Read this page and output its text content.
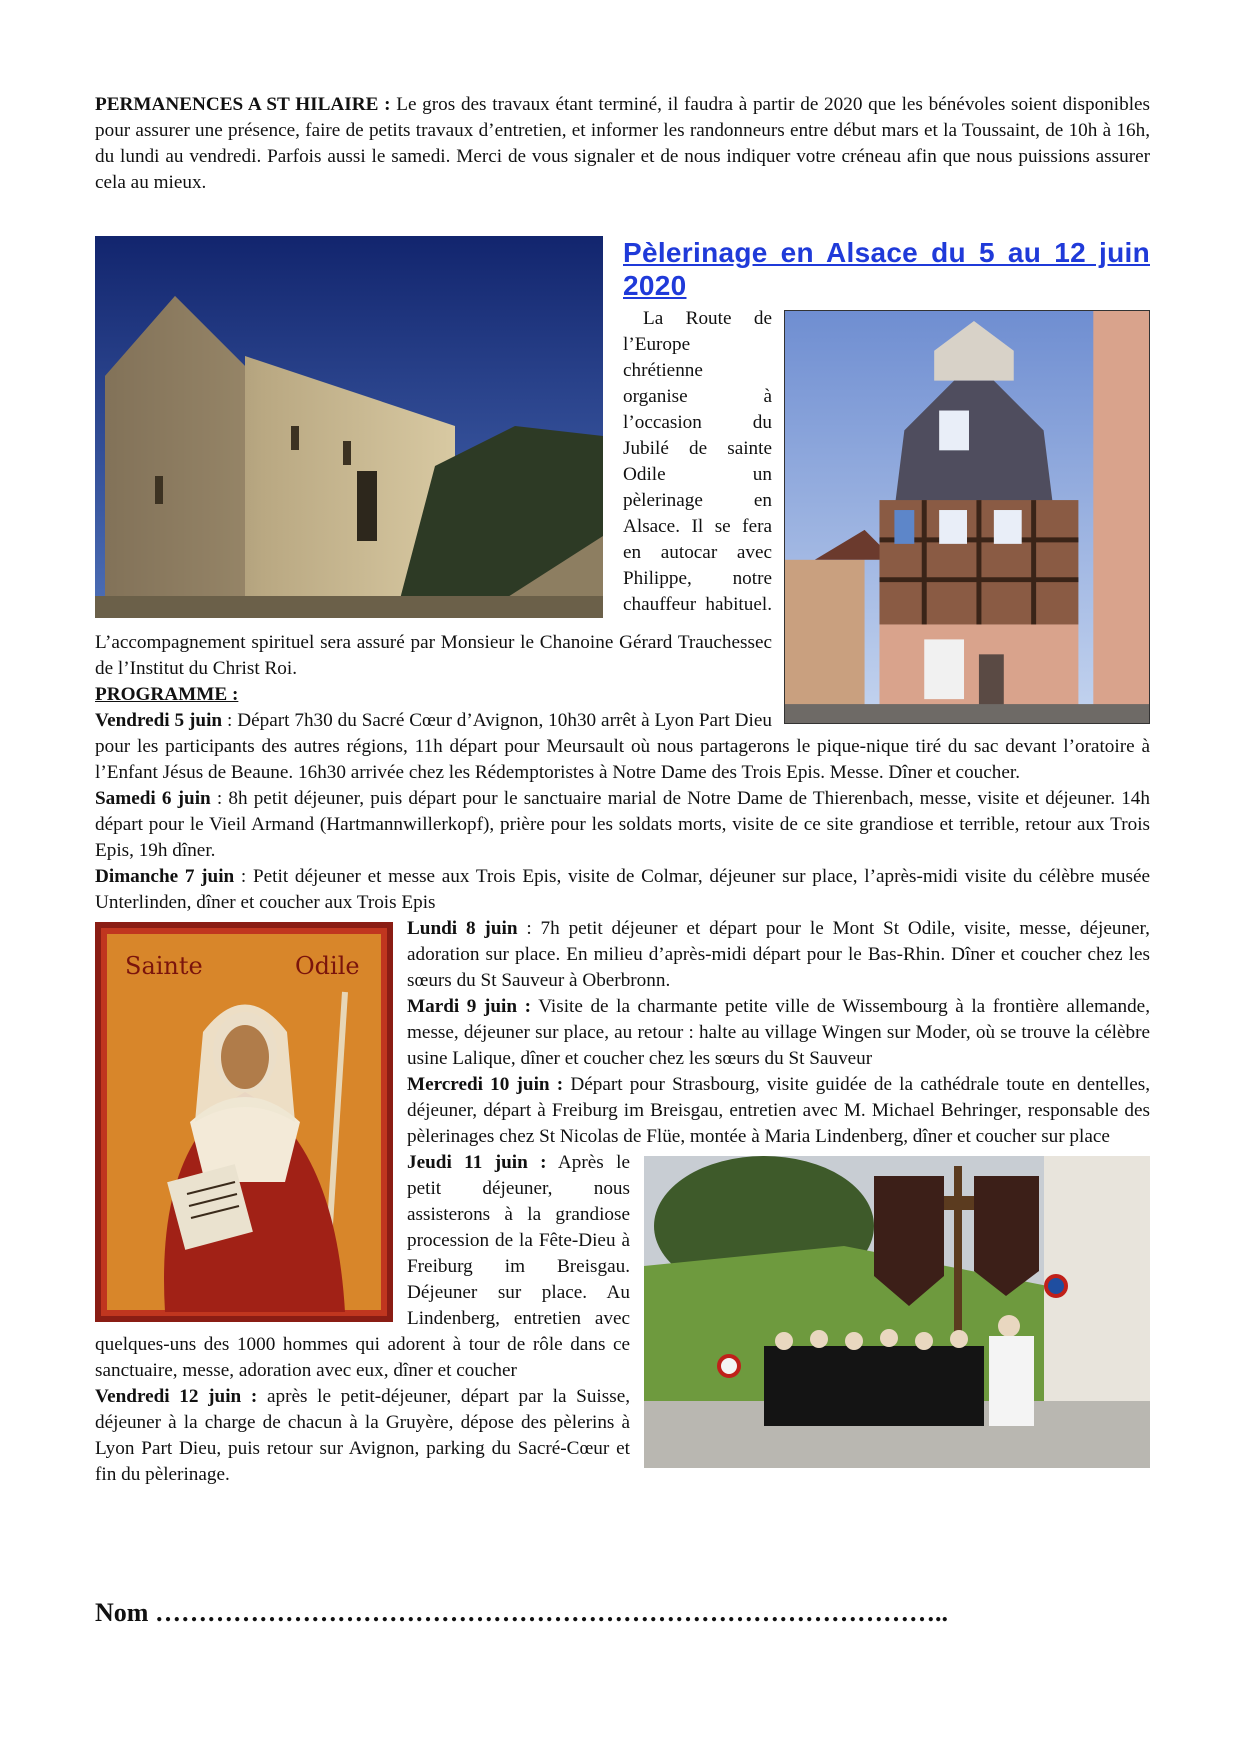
PERMANENCES A ST HILAIRE : Le gros des travaux étant terminé, il faudra à partir de 2020 que les bénévoles soient disponibles pour assurer une présence, faire de petits travaux d’entretien, et informer les randonneurs entre début mars et la Toussaint, de 10h à 16h, du lundi au vendredi. Parfois aussi le samedi. Merci de vous signaler et de nous indiquer votre créneau afin que nous puissions assurer cela au mieux.

Pèlerinage en Alsace du 5 au 12 juin 2020

La Route de l’Europe chrétienne organise à l’occasion du Jubilé de sainte Odile un pèlerinage en Alsace. Il se fera en autocar avec Philippe, notre chauffeur habituel. L’accompagnement spirituel sera assuré par Monsieur le Chanoine Gérard Trauchessec de l’Institut du Christ Roi.

PROGRAMME :

Vendredi 5 juin : Départ 7h30 du Sacré Cœur d’Avignon, 10h30 arrêt à Lyon Part Dieu pour les participants des autres régions, 11h départ pour Meursault où nous partagerons le pique-nique tiré du sac devant l’oratoire à l’Enfant Jésus de Beaune. 16h30 arrivée chez les Rédemptoristes à Notre Dame des Trois Epis. Messe. Dîner et coucher.

Samedi 6 juin : 8h petit déjeuner, puis départ pour le sanctuaire marial de Notre Dame de Thierenbach, messe, visite et déjeuner. 14h départ pour le Vieil Armand (Hartmannwillerkopf), prière pour les soldats morts, visite de ce site grandiose et terrible, retour aux Trois Epis, 19h dîner.

Dimanche 7 juin : Petit déjeuner et messe aux Trois Epis, visite de Colmar, déjeuner sur place, l’après-midi visite du célèbre musée Unterlinden, dîner et coucher aux Trois Epis

Sainte	Odile

Lundi 8 juin : 7h petit déjeuner et départ pour le Mont St Odile, visite, messe, déjeuner, adoration sur place. En milieu d’après-midi départ pour le Bas-Rhin. Dîner et coucher chez les sœurs du St Sauveur à Oberbronn.

Mardi 9 juin : Visite de la charmante petite ville de Wissembourg à la frontière allemande, messe, déjeuner sur place, au retour : halte au village Wingen sur Moder, où se trouve la célèbre usine Lalique, dîner et coucher chez les sœurs du St Sauveur

Mercredi 10 juin : Départ pour Strasbourg, visite guidée de la cathédrale toute en dentelles, déjeuner, départ à Freiburg im Breisgau, entretien avec M. Michael Behringer, responsable des pèlerinages chez St Nicolas de Flüe, montée à Maria Lindenberg, dîner et coucher sur place

Jeudi 11 juin : Après le petit déjeuner, nous assisterons à la grandiose procession de la Fête-Dieu à Freiburg im Breisgau. Déjeuner sur place. Au Lindenberg, entretien avec quelques-uns des 1000 hommes qui adorent à tour de rôle dans ce sanctuaire, messe, adoration avec eux, dîner et coucher

Vendredi 12 juin : après le petit-déjeuner, départ par la Suisse, déjeuner à la charge de chacun à la Gruyère, dépose des pèlerins à Lyon Part Dieu, puis retour sur Avignon, parking du Sacré-Cœur et fin du pèlerinage.

Nom ………………………………………………………………………………..
